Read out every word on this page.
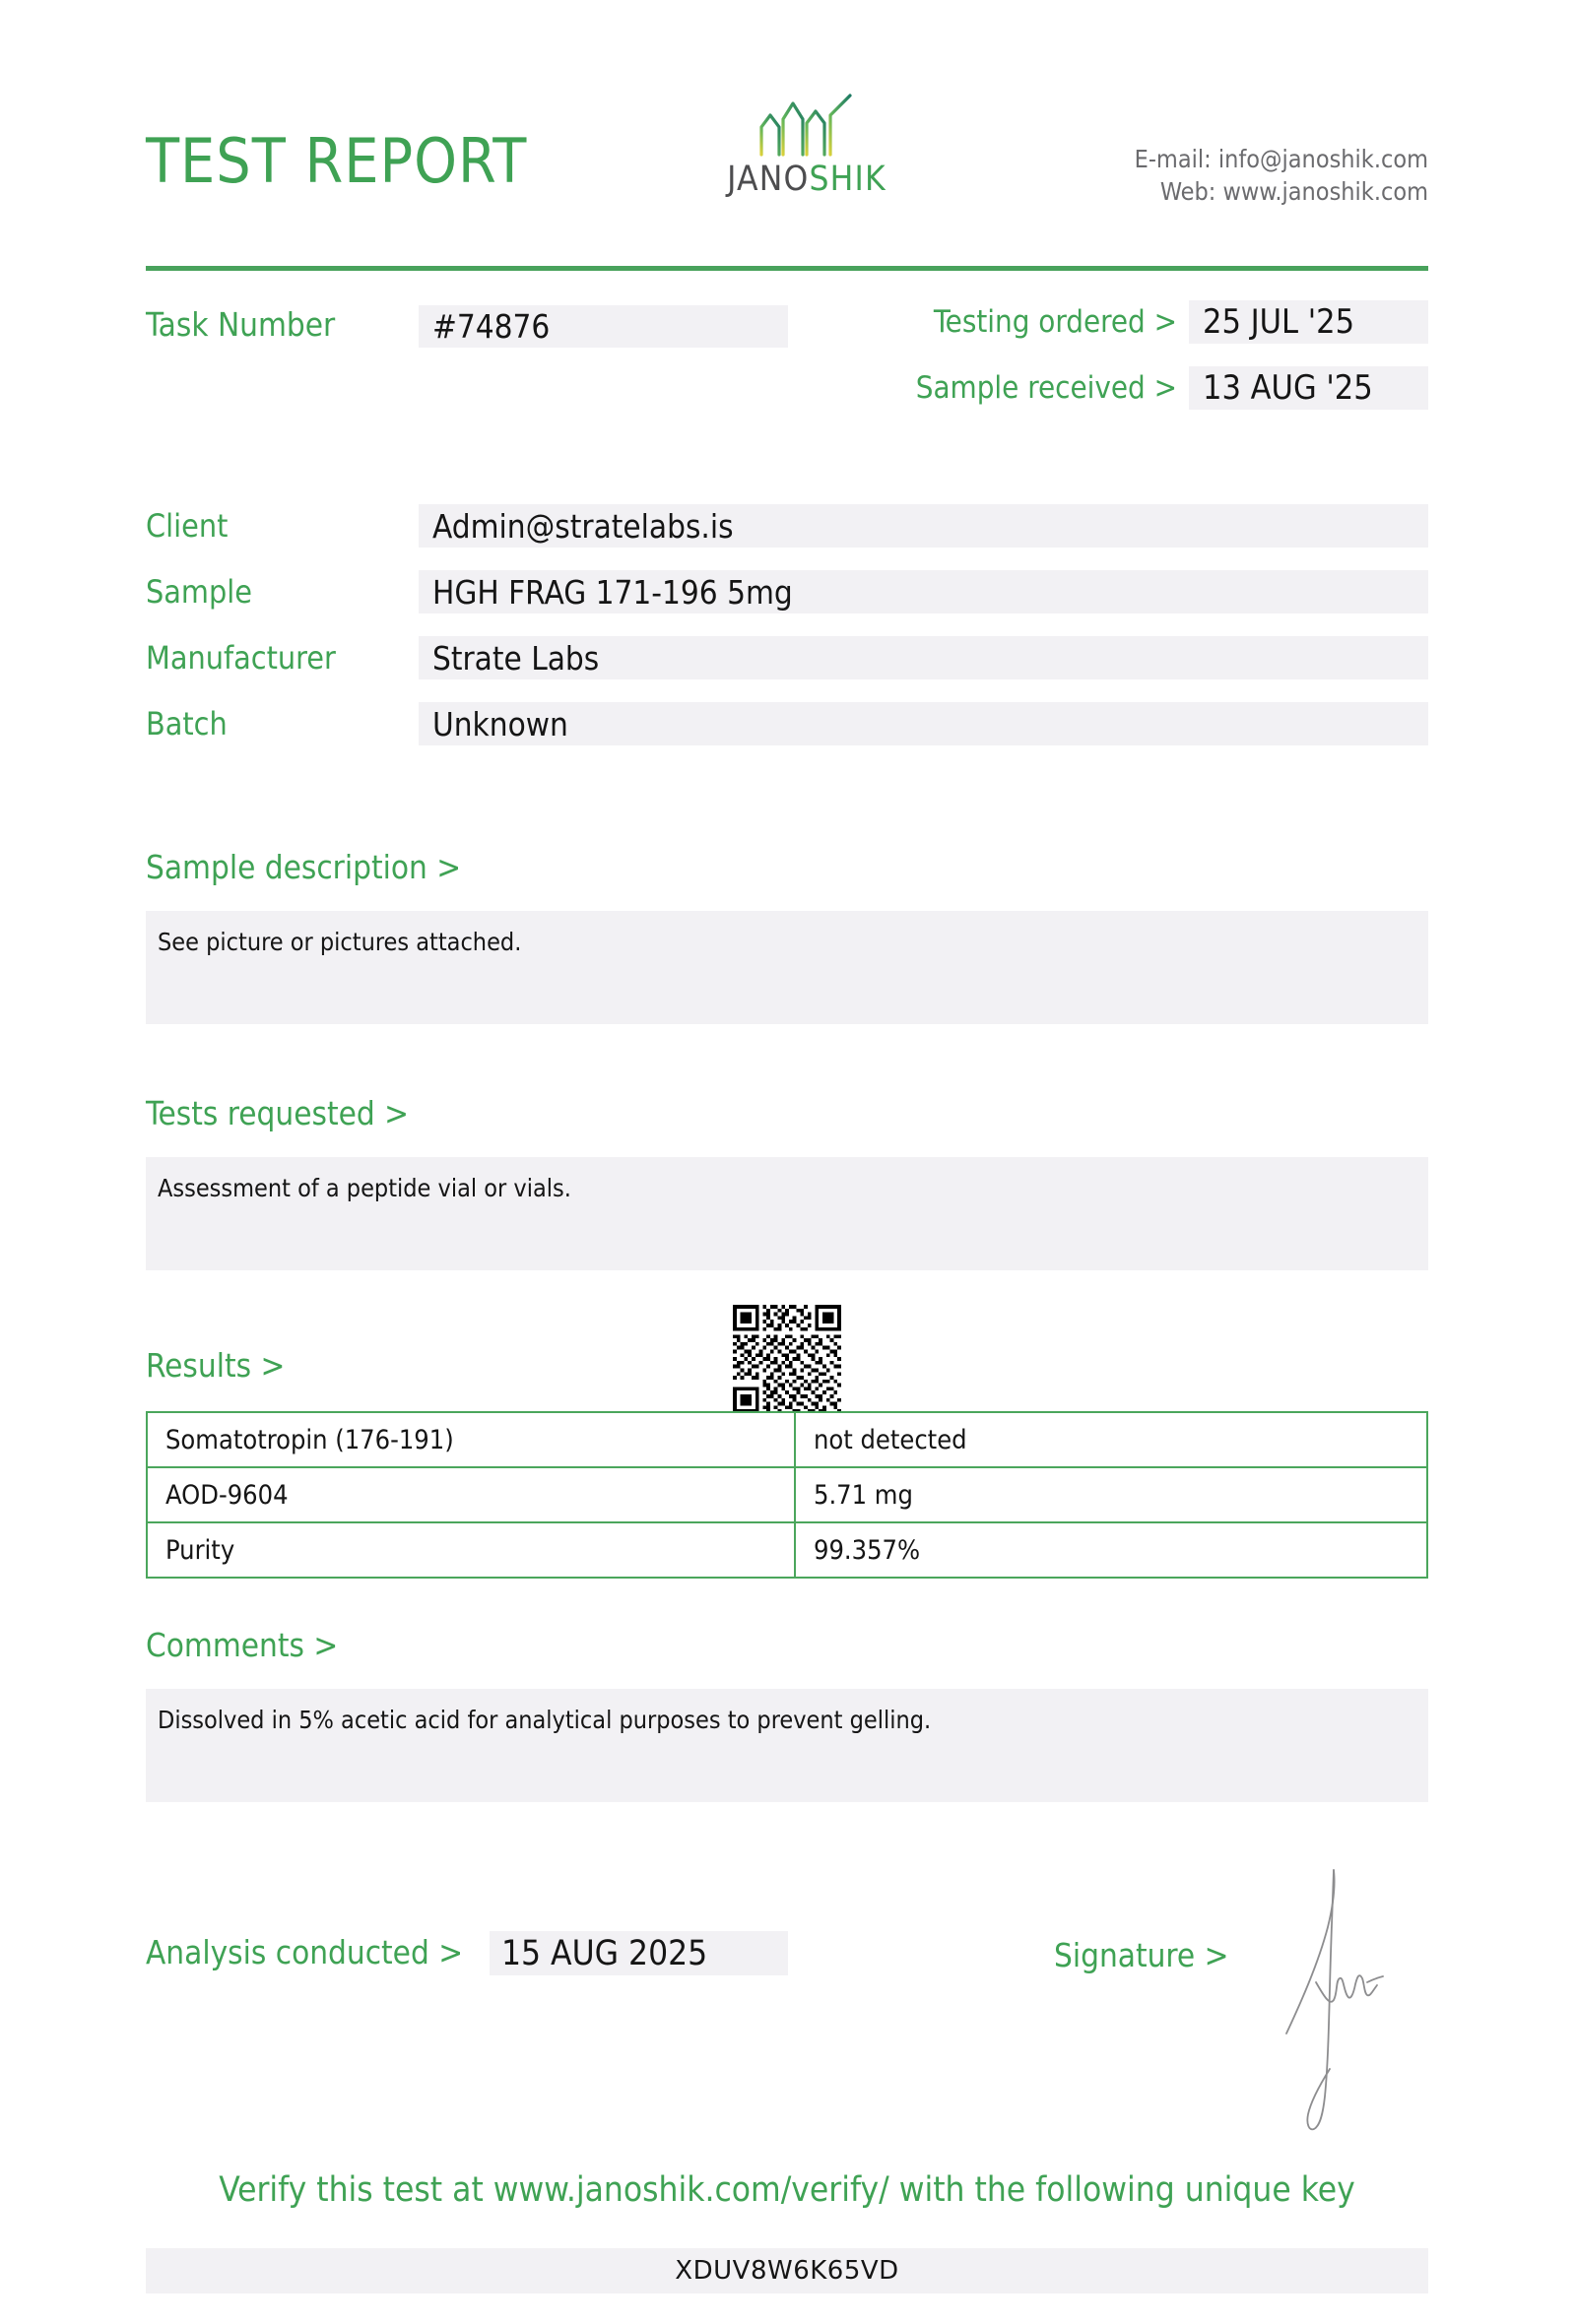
TEST REPORT	JANOSHIK
E-mail: info@janoshik.com
Web: www.janoshik.com
Task Number	#74876	Testing ordered > 25 JUL '25
Sample received > 13 AUG '25
Client	Admin@stratelabs.is
Sample	HGH FRAG 171-196 5mg
Manufacturer	Strate Labs
Batch	Unknown
Sample description >
See picture or pictures attached.
Tests requested >
Assessment of a peptide vial or vials.
Results >
Somatotropin (176-191)	not detected
AOD-9604	5.71 mg
Purity	99.357%
Comments >
Dissolved in 5% acetic acid for analytical purposes to prevent gelling.
Analysis conducted >	15 AUG 2025	Signature >
Verify this test at www.janoshik.com/verify/ with the following unique key
XDUV8W6K65VD
